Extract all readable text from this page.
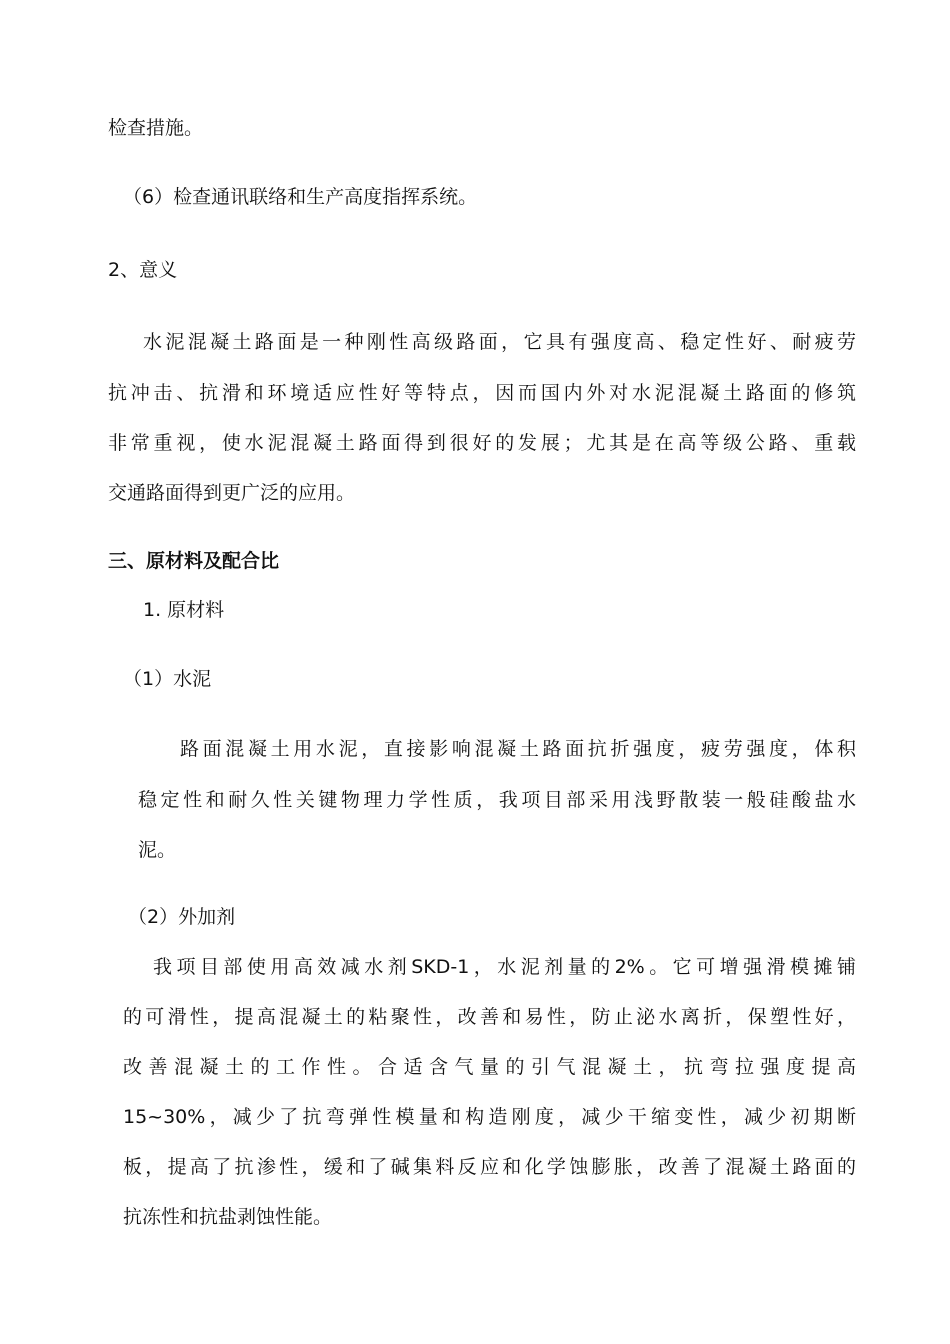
检查措施。
（6）检查通讯联络和生产高度指挥系统。
2、意义
水泥混凝土路面是一种刚性高级路面，它具有强度高、稳定性好、耐疲劳
抗冲击、抗滑和环境适应性好等特点，因而国内外对水泥混凝土路面的修筑
非常重视，使水泥混凝土路面得到很好的发展；尤其是在高等级公路、重载
交通路面得到更广泛的应用。
三、原材料及配合比
1. 原材料
（1）水泥
路面混凝土用水泥，直接影响混凝土路面抗折强度，疲劳强度，体积
稳定性和耐久性关键物理力学性质，我项目部采用浅野散装一般硅酸盐水
泥。
（2）外加剂
我项目部使用高效减水剂SKD-1，水泥剂量的2%。它可增强滑模摊铺
的可滑性，提高混凝土的粘聚性，改善和易性，防止泌水离折，保塑性好，
改善混凝土的工作性。合适含气量的引气混凝土，抗弯拉强度提高
15~30%，减少了抗弯弹性模量和构造刚度，减少干缩变性，减少初期断
板，提高了抗渗性，缓和了碱集料反应和化学蚀膨胀，改善了混凝土路面的
抗冻性和抗盐剥蚀性能。
